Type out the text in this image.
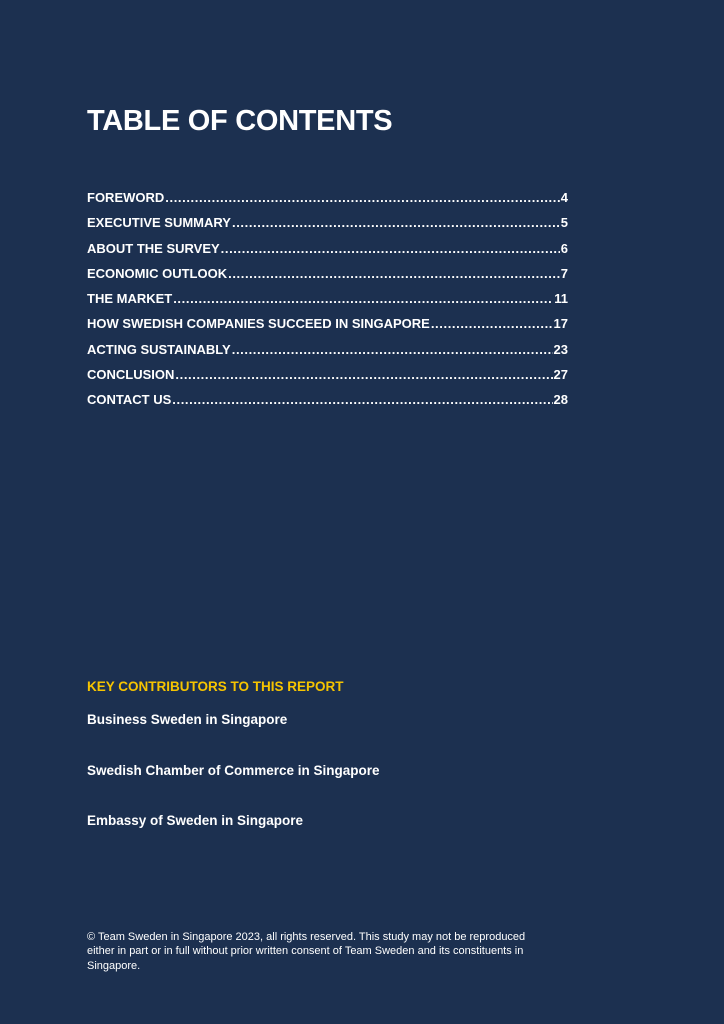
TABLE OF CONTENTS
FOREWORD .....	4
EXECUTIVE SUMMARY .....	5
ABOUT THE SURVEY .....	6
ECONOMIC OUTLOOK .....	7
THE MARKET .....	11
HOW SWEDISH COMPANIES SUCCEED IN SINGAPORE .....	17
ACTING SUSTAINABLY .....	23
CONCLUSION .....	27
CONTACT US .....	28
KEY CONTRIBUTORS TO THIS REPORT

Business Sweden in Singapore

Swedish Chamber of Commerce in Singapore

Embassy of Sweden in Singapore

© Team Sweden in Singapore 2023, all rights reserved. This study may not be reproduced either in part or in full without prior written consent of Team Sweden and its constituents in Singapore.
